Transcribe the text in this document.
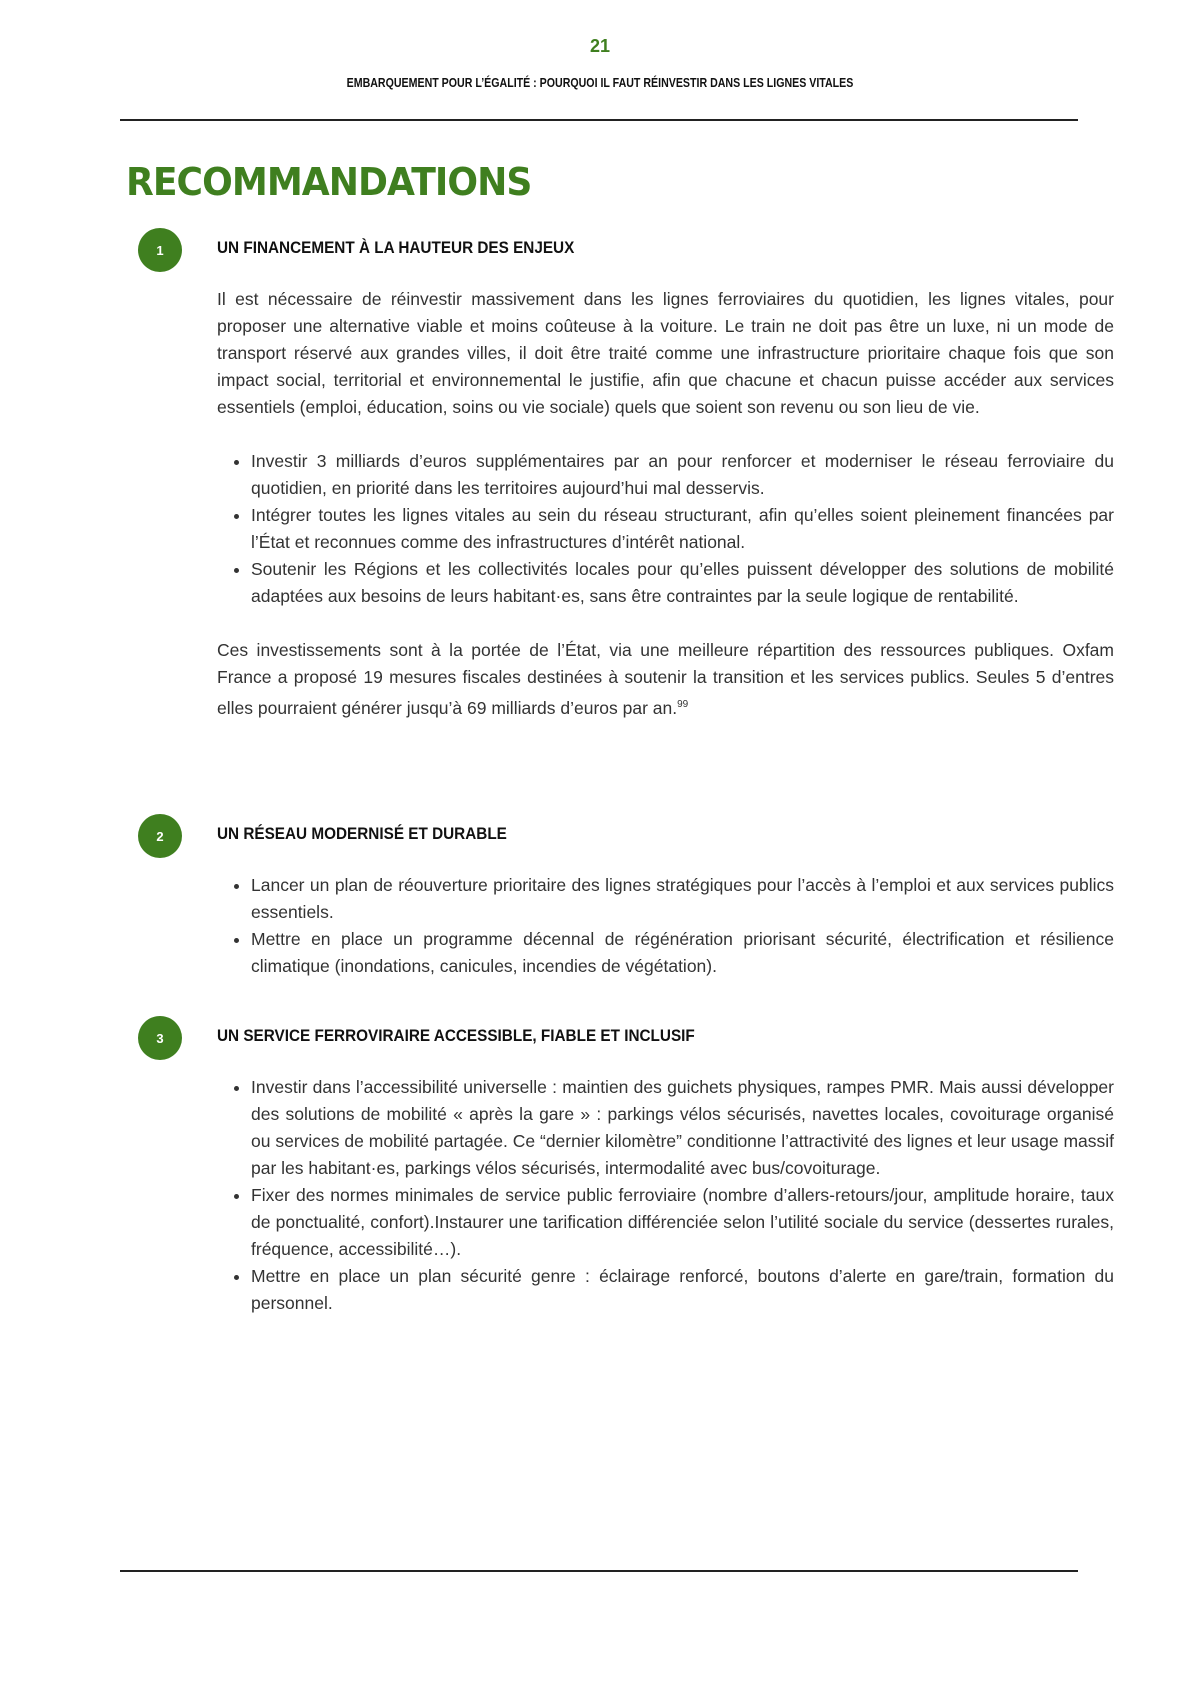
21
EMBARQUEMENT POUR L’ÉGALITÉ : POURQUOI IL FAUT RÉINVESTIR DANS LES LIGNES VITALES
RECOMMANDATIONS
1	UN FINANCEMENT À LA HAUTEUR DES ENJEUX

Il est nécessaire de réinvestir massivement dans les lignes ferroviaires du quotidien, les lignes vitales, pour proposer une alternative viable et moins coûteuse à la voiture. Le train ne doit pas être un luxe, ni un mode de transport réservé aux grandes villes, il doit être traité comme une infrastructure prioritaire chaque fois que son impact social, territorial et environnemental le justifie, afin que chacune et chacun puisse accéder aux services essentiels (emploi, éducation, soins ou vie sociale) quels que soient son revenu ou son lieu de vie.

• Investir 3 milliards d’euros supplémentaires par an pour renforcer et moderniser le réseau ferroviaire du quotidien, en priorité dans les territoires aujourd’hui mal desservis.
• Intégrer toutes les lignes vitales au sein du réseau structurant, afin qu’elles soient pleinement financées par l’État et reconnues comme des infrastructures d’intérêt national.
• Soutenir les Régions et les collectivités locales pour qu’elles puissent développer des solutions de mobilité adaptées aux besoins de leurs habitant·es, sans être contraintes par la seule logique de rentabilité.

Ces investissements sont à la portée de l’État, via une meilleure répartition des ressources publiques. Oxfam France a proposé 19 mesures fiscales destinées à soutenir la transition et les services publics. Seules 5 d’entres elles pourraient générer jusqu’à 69 milliards d’euros par an.$^{99}$

2	UN RÉSEAU MODERNISÉ ET DURABLE
• Lancer un plan de réouverture prioritaire des lignes stratégiques pour l’accès à l’emploi et aux services publics essentiels.
• Mettre en place un programme décennal de régénération priorisant sécurité, électrification et résilience climatique (inondations, canicules, incendies de végétation).
3	UN SERVICE FERROVIRAIRE ACCESSIBLE, FIABLE ET INCLUSIF
• Investir dans l’accessibilité universelle : maintien des guichets physiques, rampes PMR. Mais aussi développer des solutions de mobilité « après la gare » : parkings vélos sécurisés, navettes locales, covoiturage organisé ou services de mobilité partagée. Ce “dernier kilomètre” conditionne l’attractivité des lignes et leur usage massif par les habitant·es, parkings vélos sécurisés, intermodalité avec bus/covoiturage.
• Fixer des normes minimales de service public ferroviaire (nombre d’allers-retours/jour, amplitude horaire, taux de ponctualité, confort).Instaurer une tarification différenciée selon l’utilité sociale du service (dessertes rurales, fréquence, accessibilité…).
• Mettre en place un plan sécurité genre : éclairage renforcé, boutons d’alerte en gare/train, formation du personnel.
